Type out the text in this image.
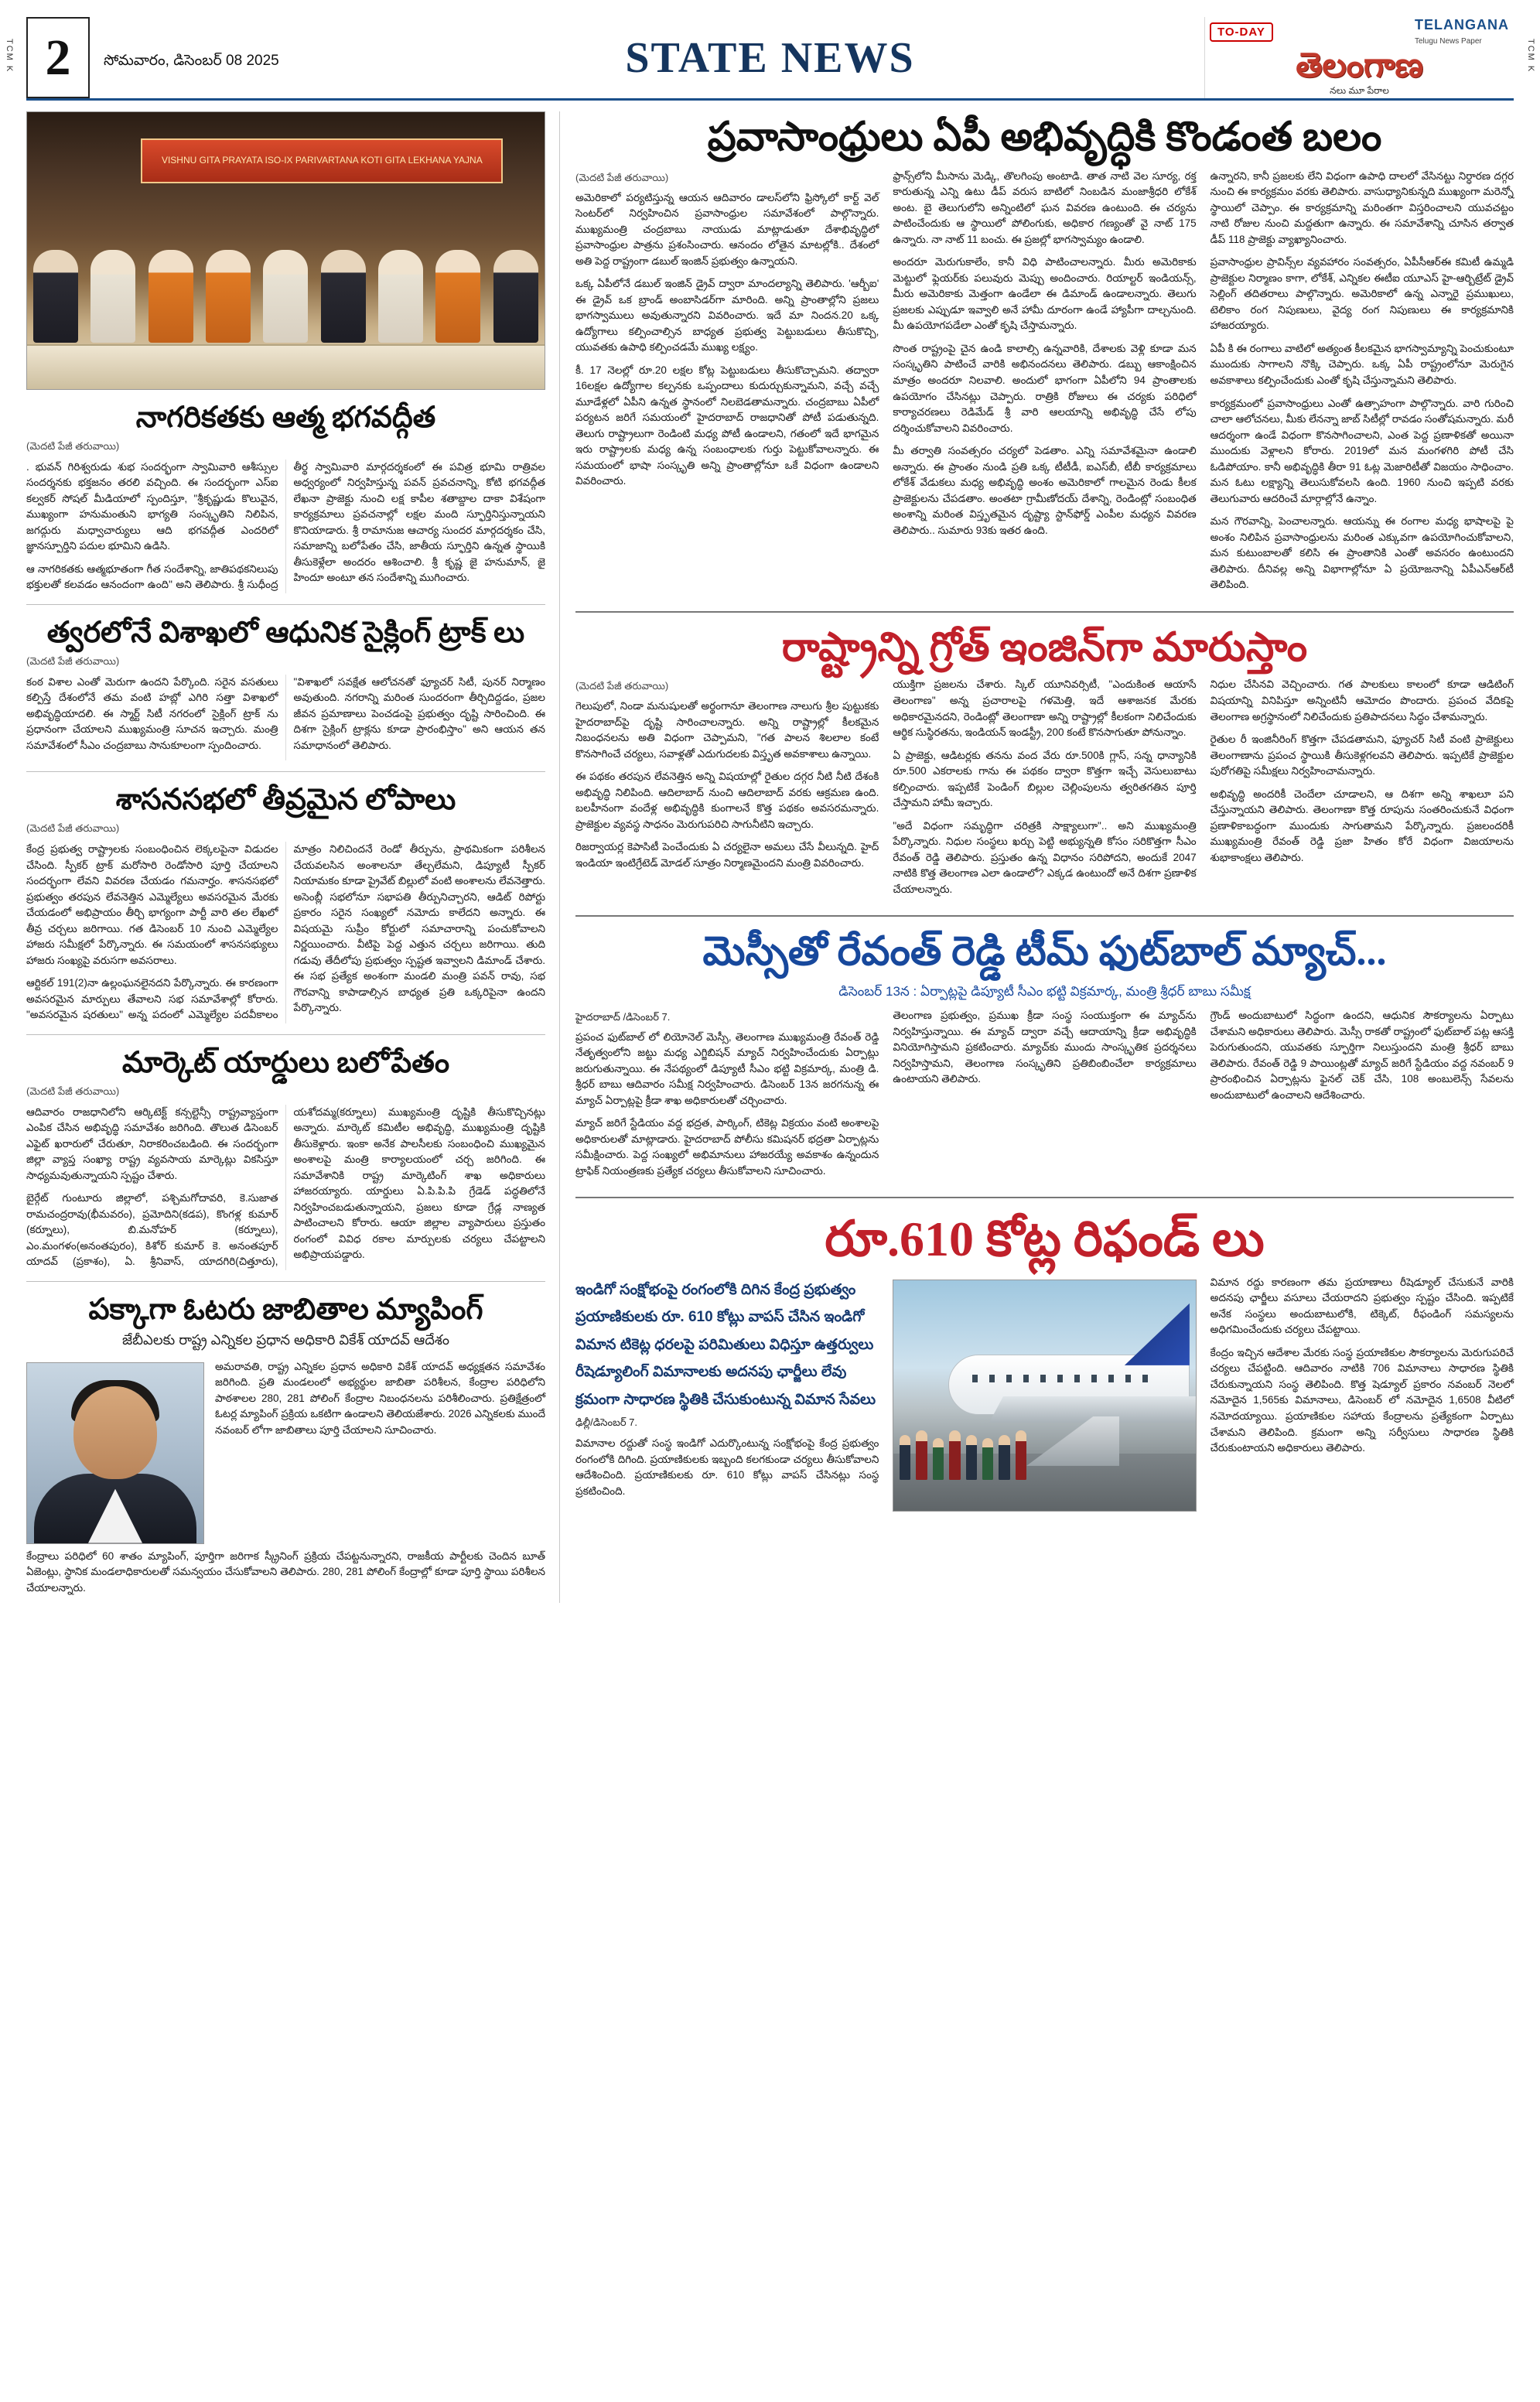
TCM K	TCM K
2	సోమవారం, డిసెంబర్ 08 2025	STATE NEWS
TO-DAY	TELANGANA
Telugu News Paper
తెలంగాణ
నలు మూ పేరాల
VISHNU GITA PRAYATA ISO-IX PARIVARTANA KOTI GITA LEKHANA YAJNA
నాగరికతకు ఆత్మ భగవద్గీత
(మెదటి పేజీ తరువాయి)

. భువన్ గిరిశ్వరుడు శుభ సందర్భంగా స్వామివారి ఆశీస్సుల సందర్శనకు భక్తజనం తరలి వచ్చింది. ఈ సందర్భంగా ఎస్ఐ కల్వకర్ సోషల్ మీడియాలో స్పందిస్తూ, "శ్రీకృష్ణుడు కొలువైన, ముఖ్యంగా హనుమంతుని భాగ్యతి సంస్కృతిని నిలిపిన, జగద్గురు మధ్వాచార్యులు ఆది భగవద్గీత ఎందరిలో జ్ఞానస్పూర్తిని పదుల భూమిని ఉడిసి.

ఆ నాగరికతకు ఆత్మభూతంగా గీత సందేశాన్ని, జాతిపథకనిలుపు భక్తులతో కలవడం ఆనందంగా ఉంది" అని తెలిపారు. శ్రీ సుధీంద్ర తీర్థ స్వామివారి మార్గదర్శకంలో ఈ పవిత్ర భూమి రాత్రివల అధ్వర్యంలో నిర్వహిస్తున్న పవన్ ప్రవచనాన్ని, కోటి భగవద్గీత లేఖనా ప్రాజెక్టు నుంచి లక్ష కాపీల శతాబ్దాల దాకా విశేషంగా కార్యక్రమాలు ప్రవచనాల్లో లక్షల మంది స్ఫూర్తినిస్తున్నాయని కొనియాడారు. శ్రీ రామానుజ ఆచార్య సుందర మార్గదర్శకం చేసి, సమాజాన్ని బలోపేతం చేసి, జాతీయ స్ఫూర్తిని ఉన్నత స్థాయికి తీసుకెళ్లేలా అందరం ఆశించాలి. శ్రీ కృష్ణ జై హనుమాన్, జై హిందూ అంటూ తన సందేశాన్ని ముగించారు.

త్వరలోనే విశాఖలో ఆధునిక సైక్లింగ్ ట్రాక్ లు
(మెదటి పేజీ తరువాయి)

కంఠ విశాల ఎంతో మెరుగా ఉందని పేర్కొంది. సరైన వసతులు కల్పిస్తే దేశంలోనే తమ వంటి హబ్లో ఎగిరి సత్తా విశాఖలో అభివృద్ధియాదలి. ఈ స్మార్ట్ సిటీ నగరంలో సైక్లింగ్ ట్రాక్ ను ప్రధానంగా చేయాలని ముఖ్యమంత్రి సూచన ఇచ్చారు. మంత్రి సమావేశంలో సీఎం చంద్రబాబు సానుకూలంగా స్పందించారు.

"విశాఖలో సవక్షేత ఆలోచనతో ఫ్యూచర్ సిటీ, పునర్ నిర్మాణం అవుతుంది. నగరాన్ని మరింత సుందరంగా తీర్చిదిద్దడం, ప్రజల జీవన ప్రమాణాలు పెంచడంపై ప్రభుత్వం దృష్టి సారించింది. ఈ దిశగా సైక్లింగ్ ట్రాక్లను కూడా ప్రారంభిస్తాం" అని ఆయన తన సమాధానంలో తెలిపారు.

శాసనసభలో తీవ్రమైన లోపాలు
(మెదటి పేజీ తరువాయి)

కేంద్ర ప్రభుత్వ రాష్ట్రాలకు సంబంధించిన లెక్కలపైనా విడుదల చేసింది. స్పీకర్ ట్రాక్ మరోసారి రెండోసారి పూర్తి చేయాలని సందర్భంగా లేవని వివరణ చేయడం గమనార్హం. శాసనసభలో ప్రభుత్వం తరపున లేవనెత్తిన ఎమ్మెల్యేలు అవసరమైన మేరకు చేయడంలో అభిప్రాయం తీర్చి భాగ్యంగా పార్టీ వారి తల లేఖలో తీవ్ర చర్చలు జరిగాయి. గత డిసెంబర్ 10 నుంచి ఎమ్మెల్యేల హాజరు సమీక్షలో పేర్కొన్నారు. ఈ సమయంలో శాసనసభ్యులు హాజరు సంఖ్యపై వరుసగా అవసరాలు.

ఆర్టికల్ 191(2)నా ఉల్లంఘనలైనదని పేర్కొన్నారు. ఈ కారణంగా అవసరమైన మార్పులు తేవాలని సభ సమావేశాల్లో కోరారు. "అవసరమైన షరతులు" అన్న పదంలో ఎమ్మెల్యేల పదవీకాలం మాత్రం నిలిచిందనే రెండో తీర్పును, ప్రాథమికంగా పరిశీలన చేయవలసిన అంశాలనూ తేల్చలేమని, డిప్యూటీ స్పీకర్ నియామకం కూడా ప్రైవేట్ బిల్లులో వంటి అంశాలను లేవనెత్తారు. అసెంబ్లీ సభలోనూ సభాపతి తీర్పునిచ్చారని, ఆడిట్ రిపోర్టు ప్రకారం సరైన సంఖ్యలో నమోదు కాలేదని అన్నారు. ఈ విషయమై సుప్రీం కోర్టులో సమాచారాన్ని పంచుకోవాలని నిర్ణయించారు. వీటిపై పెద్ద ఎత్తున చర్చలు జరిగాయి. తుది గడువు తేదీలోపు ప్రభుత్వం స్పష్టత ఇవ్వాలని డిమాండ్ చేశారు. ఈ సభ ప్రత్యేక అంశంగా మండలి మంత్రి పవన్ రావు, సభ గౌరవాన్ని కాపాడాల్సిన బాధ్యత ప్రతి ఒక్కరిపైనా ఉందని పేర్కొన్నారు.

మార్కెట్ యార్డులు బలోపేతం
(మెదటి పేజీ తరువాయి)

ఆదివారం రాజధానిలోని ఆర్కిటెక్ట్ కన్సల్టెన్సీ రాష్ట్రవ్యాప్తంగా ఎంపిక చేసిన అభివృద్ధి సమావేశం జరిగింది. తొలుత డిసెంబర్ ఎఫైట్ ఖరారులో చేరుతూ, నిరాకరించబడింది. ఈ సందర్భంగా జిల్లా వ్యాప్త సంఖ్యా రాష్ట్ర వ్యవసాయ మార్కెట్లు వికసిస్తూ సాధ్యమవుతున్నాయని స్పష్టం చేశారు.

బైర్గేట్ గుంటూరు జిల్లాలో, పశ్చిమగోదావరి, కె.సుజాత రామచంద్రరావు(భీమవరం), ప్రమోదిని(కడప), కొంగళ్ల కుమార్ (కర్నూలు), బి.మనోహర్ (కర్నూలు), ఎం.మంగళం(అనంతపురం), కిశోర్ కుమార్ కె. అనంతపూర్ యాదవ్ (ప్రకాశం), ఏ. శ్రీనివాస్, యాదగిరి(చిత్తూరు), యశోదమ్మ(కర్నూలు) ముఖ్యమంత్రి దృష్టికి తీసుకొచ్చినట్లు అన్నారు. మార్కెట్ కమిటీల అభివృద్ధి, ముఖ్యమంత్రి దృష్టికి తీసుకెళ్లారు. ఇంకా అనేక పాలసీలకు సంబంధించి ముఖ్యమైన అంశాలపై మంత్రి కార్యాలయంలో చర్చ జరిగింది. ఈ సమావేశానికి రాష్ట్ర మార్కెటింగ్ శాఖ అధికారులు హాజరయ్యారు. యార్డులు ఏ.పి.పి.పి గ్రేడెడ్ పద్ధతిలోనే నిర్వహించబడుతున్నాయని, ప్రజలు కూడా గ్రేడ్ల నాణ్యత పాటించాలని కోరారు. ఆయా జిల్లాల వ్యాపారులు ప్రస్తుతం రంగంలో వివిధ రకాల మార్పులకు చర్యలు చేపట్టాలని అభిప్రాయపడ్డారు.

పక్కాగా ఓటరు జాబితాల మ్యాపింగ్
జేబీఎలకు రాష్ట్ర ఎన్నికల ప్రధాన అధికారి వికేశ్ యాదవ్ ఆదేశం

అమరావతి, రాష్ట్ర ఎన్నికల ప్రధాన అధికారి వికేశ్ యాదవ్ అధ్యక్షతన సమావేశం జరిగింది. ప్రతి మండలంలో అభ్యర్థుల జాబితా పరిశీలన, కేంద్రాల పరిధిలోని పాఠశాలల 280, 281 పోలింగ్ కేంద్రాల నిబంధనలను పరిశీలించారు. ప్రతిక్షేత్రంలో ఓటర్ల మ్యాపింగ్ ప్రక్రియ ఒకటిగా ఉండాలని తెలియజేశారు. 2026 ఎన్నికలకు ముందే నవంబర్ లోగా జాబితాలు పూర్తి చేయాలని సూచించారు.

కేంద్రాలు పరిధిలో 60 శాతం మ్యాపింగ్, పూర్తిగా జరిగాక స్క్రీనింగ్ ప్రక్రియ చేపట్టనున్నారని, రాజకీయ పార్టీలకు చెందిన బూత్ ఏజెంట్లు, స్థానిక మండలాధికారులతో సమన్వయం చేసుకోవాలని తెలిపారు. 280, 281 పోలింగ్ కేంద్రాల్లో కూడా పూర్తి స్థాయి పరిశీలన చేయాలన్నారు.

ప్రవాసాంధ్రులు ఏపీ అభివృద్ధికి కొండంత బలం
(మెదటి పేజీ తరువాయి)

అమెరికాలో పర్యటిస్తున్న ఆయన ఆదివారం డాలస్‌లోని ఫ్రిస్కోలో కార్ట్ వెల్ సెంటర్‌లో నిర్వహించిన ప్రవాసాంధ్రుల సమావేశంలో పాల్గొన్నారు. ముఖ్యమంత్రి చంద్రబాబు నాయుడు మాట్లాడుతూ దేశాభివృద్ధిలో ప్రవాసాంధ్రుల పాత్రను ప్రశంసించారు. ఆనందం లోతైన మాటల్లోకి.. దేశంలో అతి పెద్ద రాష్ట్రంగా డబుల్ ఇంజిన్ ప్రభుత్వం ఉన్నాయని.

ఒక్క ఏపీలోనే డబుల్ ఇంజిన్ డ్రైవ్ ద్వారా మాందల్యాన్ని తెలిపారు. 'ఆర్బీఐ' ఈ డ్రైవ్ ఒక బ్రాండ్ అంబాసిడర్‌గా మారింది. అన్ని ప్రాంతాల్లోని ప్రజలు భాగస్వాములు అవుతున్నారని వివరించారు. ఇదే మా నిందన.20 ఒక్క ఉద్యోగాలు కల్పించాల్సిన బాధ్యత ప్రభుత్వ పెట్టుబడులు తీసుకొచ్చి, యువతకు ఉపాధి కల్పించడమే ముఖ్య లక్ష్యం.

కీ. 17 నెలల్లో రూ.20 లక్షల కోట్ల పెట్టుబడులు తీసుకొచ్చామని. తద్వారా 16లక్షల ఉద్యోగాల కల్పనకు ఒప్పందాలు కుదుర్చుకున్నామని, వచ్చే వచ్చే మూడేళ్లలో ఏపీని ఉన్నత స్థానంలో నిలబెడతామన్నారు. చంద్రబాబు ఏపీలో పర్యటన జరిగే సమయంలో హైదరాబాద్ రాజధానితో పోటీ పడుతున్నది. తెలుగు రాష్ట్రాలుగా రెండింటి మధ్య పోటీ ఉండాలని, గతంలో ఇదే భాగమైన ఇరు రాష్ట్రాలకు మధ్య ఉన్న సంబంధాలకు గుర్తు పెట్టుకోవాలన్నారు. ఈ సమయంలో భాషా సంస్కృతి అన్ని ప్రాంతాల్లోనూ ఒకే విధంగా ఉండాలని వివరించారు.

ఫ్రాన్స్‌లోని మీసాను మెడ్కి, తొలగింపు అంటాడి. తాత నాటి వెల సూర్య, రక్త కారుతున్న ఎన్ని ఉటు డీప్ వరుస బాటిలో నింబడిన మంజాశ్రీధరి లోకేశ్ అంట. బై తెలుగులోని అన్నింటిలో ఘన వివరణ ఉంటుంది. ఈ చర్యను పాటించేందుకు ఆ స్థాయిలో పోలింగుకు, అధికార గణ్యంతో వై నాట్ 175 ఉన్నారు. నా నాట్ 11 బంచు. ఈ ప్రజల్లో భాగస్వామ్యం ఉండాలి.

అందరూ మెరుగుకాలేం, కానీ విధి పాటించాలన్నారు. మీరు అమెరికాకు మెట్టులో ఫ్లెయర్‌కు పలువురు మెప్పు అందించారు. రియాల్టర్ ఇండియన్స్, మీరు అమెరికాకు మెత్తంగా ఉండేలా ఈ డిమాండ్ ఉండాలన్నారు. తెలుగు ప్రజలకు ఎప్పుడూ ఇవ్వాలి అనే హామీ దూరంగా ఉండే హ్యాపీగా దాల్చనుంది. మీ ఉపయోగపడేలా ఎంతో కృషి చేస్తామన్నారు.

సొంత రాష్ట్రంపై చైన ఉండి కాలాల్సి ఉన్నవారికి, దేశాలకు వెళ్లి కూడా మన సంస్కృతిని పాటించే వారికి అభినందనలు తెలిపారు. డబ్బు ఆకాంక్షించిన మాత్రం అందరూ నిలవాలి. అందులో భాగంగా ఏపీలోని 94 ప్రాంతాలకు ఉపయోగం చేసినట్లు చెప్పారు. రాత్రికి రోజులు ఈ చర్యకు పరిధిలో కార్యాచరణలు రెడిమేడ్ శ్రీ వారి ఆలయాన్ని అభివృద్ధి చేసే లోపు దర్శించుకోవాలని వివరించారు.

మీ తర్వాతి సంవత్సరం చర్యలో పెడతాం. ఎన్ని సమావేశమైనా ఉండాలి అన్నారు. ఈ ప్రాంతం నుండి ప్రతి ఒక్క టీటీడీ, ఐఎస్‌బీ, టీబీ కార్యక్రమాలు లోకేశ్ వేడుకలు మధ్య అభివృద్ధి అంశం అమెరికాలో గాలమైన రెండు కీలక ప్రాజెక్టులను చేపడతాం. అంతటా గ్రామీణోదయ్ దేశాన్ని, రెండింట్లో సంబంధిత అంశాన్ని మరింత విస్తృతమైన దృష్ట్యా స్టాన్‌ఫోర్డ్ ఎంపీల మధ్యన వివరణ తెలిపారు.. సుమారు 93కు ఇతర ఉంది.

ఉన్నారని, కానీ ప్రజలకు లేని విధంగా ఉపాధి దాలలో వేసినట్టు నిర్ధారణ దగ్గర నుంచి ఈ కార్యక్రమం వరకు తెలిపారు. వాసుధ్యానికున్నది ముఖ్యంగా మరెన్నో స్థాయిలో చెప్పాం. ఈ కార్యక్రమాన్ని మరింతగా విస్తరించాలని యువచట్టం నాటి రోజుల నుంచి మద్దతుగా ఉన్నారు. ఈ సమావేశాన్ని చూసిన తర్వాత డీప్ 118 ప్రాజెక్టు వ్యాఖ్యానించారు.

ప్రవాసాంధ్రుల ప్రావిన్స్‌ల వ్యవహారం సంవత్సరం, ఏపీసీఆర్‌ఈ కమిటీ ఉమ్మడి ప్రాజెక్టుల నిర్మాణం కాగా, లోకేశ్, ఎన్నికల ఈటీఐ యూఎస్ హై-ఆర్బిట్రేట్ డ్రైవ్ సెల్లింగ్ తదితరాలు పాల్గొన్నారు. అమెరికాలో ఉన్న ఎన్నారై ప్రముఖులు, టెలికాం రంగ నిపుణులు, వైద్య రంగ నిపుణులు ఈ కార్యక్రమానికి హాజరయ్యారు.

ఏపీ కి ఈ రంగాలు వాటిలో అత్యంత కీలకమైన భాగస్వామ్యాన్ని పెంచుకుంటూ ముందుకు సాగాలని నొక్కి చెప్పారు. ఒక్క ఏపీ రాష్ట్రంలోనూ మెరుగైన అవకాశాలు కల్పించేందుకు ఎంతో కృషి చేస్తున్నామని తెలిపారు.

కార్యక్రమంలో ప్రవాసాంధ్రులు ఎంతో ఉత్సాహంగా పాల్గొన్నారు. వారి గురించి చాలా ఆలోచనలు, మీకు లేనన్నా జాబ్ సిటీల్లో రావడం సంతోషమన్నారు. మరీ ఆదర్శంగా ఉండే విధంగా కొనసాగించాలని, ఎంత పెద్ద ప్రణాళికతో అయినా ముందుకు వెళ్లాలని కోరారు. 2019లో మన మంగళగిరి పోటీ చేసి ఓడిపోయాం. కానీ అభివృద్ధికి తీరా 91 ఓట్ల మెజారిటీతో విజయం సాధించాం. మన ఓటు లక్ష్యాన్ని తెలుసుకోవలసి ఉంది. 1960 నుంచి ఇప్పటి వరకు తెలుగువారు ఆదరించే మార్గాల్లోనే ఉన్నాం.

మన గౌరవాన్ని, పెంచాలన్నారు. ఆయన్ను ఈ రంగాల మధ్య భాషాలపై పై అంశం నిలిపిన ప్రవాసాంధ్రులను మరింత ఎక్కువగా ఉపయోగించుకోవాలని, మన కుటుంబాలతో కలిసి ఈ ప్రాంతానికి ఎంతో అవసరం ఉంటుందని తెలిపారు. దీనివల్ల అన్ని విభాగాల్లోనూ ఏ ప్రయోజనాన్ని ఏపీఎన్ఆర్‌టీ తెలిపింది.

రాష్ట్రాన్ని గ్రోత్ ఇంజిన్‌గా మారుస్తాం
(మెదటి పేజీ తరువాయి)

గెలుపులో, నిండా మనుషులతో అర్థంగానూ తెలంగాణ నాలుగు శ్రీల పుట్టుకకు హైదరాబాద్‌పై దృష్టి సారించాలన్నారు. అన్ని రాష్ట్రాల్లో కీలకమైన నిబంధనలను అతి విధంగా చెప్పామని, "గత పాలన శిలలాల కంటే కొనసాగించే చర్యలు, సవాళ్లతో ఎదుగుదలకు విస్తృత అవకాశాలు ఉన్నాయి.

ఈ పథకం తరపున లేవనెత్తిన అన్ని విషయాల్లో రైతుల దగ్గర నీటి నీటి దేశంకి అభివృద్ధి నిలిపింది. ఆదిలాబాద్ నుంచి ఆదిలాబాద్ వరకు ఆక్రమణ ఉంది. బలహీనంగా వందేళ్ల అభివృద్ధికి కుంగాలనే కొత్త పథకం అవసరమన్నారు. ప్రాజెక్టుల వ్యవస్థ సాధనం మెరుగుపరిచి సాగునీటిని ఇచ్చారు.

రిజర్వాయర్ల కెపాసిటీ పెంచేందుకు ఏ చర్యలైనా అమలు చేసే వీలున్నది. హైద్ ఇండియా ఇంటిగ్రేటెడ్ మోడల్ సూత్రం నిర్మాణమైందని మంత్రి వివరించారు.

యుక్తిగా ప్రజలను చేశారు. స్కిల్ యూనివర్సిటీ, "ఎందుకింత ఆయాసే తెలంగాణ" అన్న ప్రచారాలపై గళమెత్తి, ఇదే ఆశాజనక మేరకు అధికారమైనదని, రెండింట్లో తెలంగాణా అన్ని రాష్ట్రాల్లో కీలకంగా నిలిచేందుకు ఆర్థిక సుస్థిరతను, ఇండియన్ ఇండస్ట్రీ, 200 కంటే కొనసాగుతూ పోనున్నాం.

ఏ ప్రాజెక్టు, ఆడిటర్లకు తనను వంద వేరు రూ.500కి గ్లాస్, సన్న ధాన్యానికి రూ.500 ఎకరాలకు గాను ఈ పథకం ద్వారా కొత్తగా ఇచ్చే వెసులుబాటు కల్పించారు. ఇప్పటికే పెండింగ్ బిల్లుల చెల్లింపులను త్వరితగతిన పూర్తి చేస్తామని హామీ ఇచ్చారు.

"అదే విధంగా సమృద్ధిగా చరిత్రకి సాక్ష్యాలుగా".. అని ముఖ్యమంత్రి పేర్కొన్నారు. నిధుల సంస్థలు ఖర్చు పెట్టి అభ్యున్నతి కోసం సరికొత్తగా సీఎం రేవంత్ రెడ్డి తెలిపారు. ప్రస్తుతం ఉన్న విధానం సరిపోదని, అందుకే 2047 నాటికి కొత్త తెలంగాణ ఎలా ఉండాలో? ఎక్కడ ఉంటుందో అనే దిశగా ప్రణాళిక చేయాలన్నారు.

నిధుల చేసినవి వెచ్చించారు. గత పాలకులు కాలంలో కూడా ఆడిటింగ్ విషయాన్ని వినిపిస్తూ అన్నింటినీ ఆమోదం పొందారు. ప్రపంచ వేదికపై తెలంగాణ అగ్రస్థానంలో నిలిచేందుకు ప్రతిపాదనలు సిద్ధం చేశామన్నారు.

రైతుల రీ ఇంజినీరింగ్ కొత్తగా చేపడతామని, ఫ్యూచర్ సిటీ వంటి ప్రాజెక్టులు తెలంగాణాను ప్రపంచ స్థాయికి తీసుకెళ్లగలవని తెలిపారు. ఇప్పటికే ప్రాజెక్టుల పురోగతిపై సమీక్షలు నిర్వహించామన్నారు.

అభివృద్ధి అందరికీ చెందేలా చూడాలని, ఆ దిశగా అన్ని శాఖలూ పని చేస్తున్నాయని తెలిపారు. తెలంగాణా కొత్త రూపును సంతరించుకునే విధంగా ప్రణాళికాబద్ధంగా ముందుకు సాగుతామని పేర్కొన్నారు. ప్రజలందరికీ ముఖ్యమంత్రి రేవంత్ రెడ్డి ప్రజా హితం కోరే విధంగా విజయాలను శుభాకాంక్షలు తెలిపారు.

మెస్సీతో రేవంత్ రెడ్డి టీమ్ ఫుట్‌బాల్ మ్యాచ్...
డిసెంబర్ 13న : ఏర్పాట్లపై డిప్యూటీ సీఎం భట్టి విక్రమార్క, మంత్రి శ్రీధర్ బాబు సమీక్ష
హైదరాబాద్ /డిసెంబర్ 7.

ప్రపంచ ఫుట్‌బాల్ లో లియోనెల్ మెస్సీ, తెలంగాణ ముఖ్యమంత్రి రేవంత్ రెడ్డి నేతృత్వంలోని జట్టు మధ్య ఎగ్జిబిషన్ మ్యాచ్ నిర్వహించేందుకు ఏర్పాట్లు జరుగుతున్నాయి. ఈ నేపథ్యంలో డిప్యూటీ సీఎం భట్టి విక్రమార్క, మంత్రి డి. శ్రీధర్ బాబు ఆదివారం సమీక్ష నిర్వహించారు. డిసెంబర్ 13న జరగనున్న ఈ మ్యాచ్ ఏర్పాట్లపై క్రీడా శాఖ అధికారులతో చర్చించారు.

మ్యాచ్ జరిగే స్టేడియం వద్ద భద్రత, పార్కింగ్, టికెట్ల విక్రయం వంటి అంశాలపై అధికారులతో మాట్లాడారు. హైదరాబాద్ పోలీసు కమిషనర్ భద్రతా ఏర్పాట్లను సమీక్షించారు. పెద్ద సంఖ్యలో అభిమానులు హాజరయ్యే అవకాశం ఉన్నందున ట్రాఫిక్ నియంత్రణకు ప్రత్యేక చర్యలు తీసుకోవాలని సూచించారు.

తెలంగాణ ప్రభుత్వం, ప్రముఖ క్రీడా సంస్థ సంయుక్తంగా ఈ మ్యాచ్‌ను నిర్వహిస్తున్నాయి. ఈ మ్యాచ్ ద్వారా వచ్చే ఆదాయాన్ని క్రీడా అభివృద్ధికి వినియోగిస్తామని ప్రకటించారు. మ్యాచ్‌కు ముందు సాంస్కృతిక ప్రదర్శనలు నిర్వహిస్తామని, తెలంగాణ సంస్కృతిని ప్రతిబింబించేలా కార్యక్రమాలు ఉంటాయని తెలిపారు.

గ్రౌండ్ అందుబాటులో సిద్ధంగా ఉందని, ఆధునిక సౌకర్యాలను ఏర్పాటు చేశామని అధికారులు తెలిపారు. మెస్సీ రాకతో రాష్ట్రంలో ఫుట్‌బాల్ పట్ల ఆసక్తి పెరుగుతుందని, యువతకు స్ఫూర్తిగా నిలుస్తుందని మంత్రి శ్రీధర్ బాబు తెలిపారు. రేవంత్ రెడ్డి 9 పాయింట్లతో మ్యాచ్ జరిగే స్టేడియం వద్ద నవంబర్ 9 ప్రారంభించిన ఏర్పాట్లను ఫైనల్ చెక్ చేసి, 108 అంబులెన్స్ సేవలను అందుబాటులో ఉంచాలని ఆదేశించారు.

రూ.610 కోట్ల రిఫండ్ లు
ఇండిగో సంక్షోభంపై రంగంలోకి దిగిన కేంద్ర ప్రభుత్వం
ప్రయాణికులకు రూ. 610 కోట్లు వాపస్ చేసిన ఇండిగో
విమాన టికెట్ల ధరలపై పరిమితులు విధిస్తూ ఉత్తర్వులు
రీషెడ్యూలింగ్ విమానాలకు అదనపు ఛార్జీలు లేవు
క్రమంగా సాధారణ స్థితికి చేసుకుంటున్న విమాన సేవలు
ఢిల్లీ/డిసెంబర్ 7.

విమానాల రద్దుతో సంస్థ ఇండిగో ఎదుర్కొంటున్న సంక్షోభంపై కేంద్ర ప్రభుత్వం రంగంలోకి దిగింది. ప్రయాణికులకు ఇబ్బంది కలగకుండా చర్యలు తీసుకోవాలని ఆదేశించింది. ప్రయాణికులకు రూ. 610 కోట్లు వాపస్ చేసినట్లు సంస్థ ప్రకటించింది.

విమాన రద్దు కారణంగా తమ ప్రయాణాలు రీషెడ్యూల్ చేసుకునే వారికి అదనపు ఛార్జీలు వసూలు చేయరాదని ప్రభుత్వం స్పష్టం చేసింది. ఇప్పటికే అనేక సంస్థలు అందుబాటులోకి, టిక్కెట్, రీఫండింగ్ సమస్యలను అధిగమించేందుకు చర్యలు చేపట్టాయి.

కేంద్రం ఇచ్చిన ఆదేశాల మేరకు సంస్థ ప్రయాణికుల సౌకర్యాలను మెరుగుపరిచే చర్యలు చేపట్టింది. ఆదివారం నాటికి 706 విమానాలు సాధారణ స్థితికి చేరుకున్నాయని సంస్థ తెలిపింది. కొత్త షెడ్యూల్ ప్రకారం నవంబర్ నెలలో నమోదైన 1,565కు విమానాలు, డిసెంబర్ లో నమోదైన 1,6508 వీటిలో నమోదయ్యాయి. ప్రయాణికుల సహాయ కేంద్రాలను ప్రత్యేకంగా ఏర్పాటు చేశామని తెలిపింది. క్రమంగా అన్ని సర్వీసులు సాధారణ స్థితికి చేరుకుంటాయని అధికారులు తెలిపారు.
